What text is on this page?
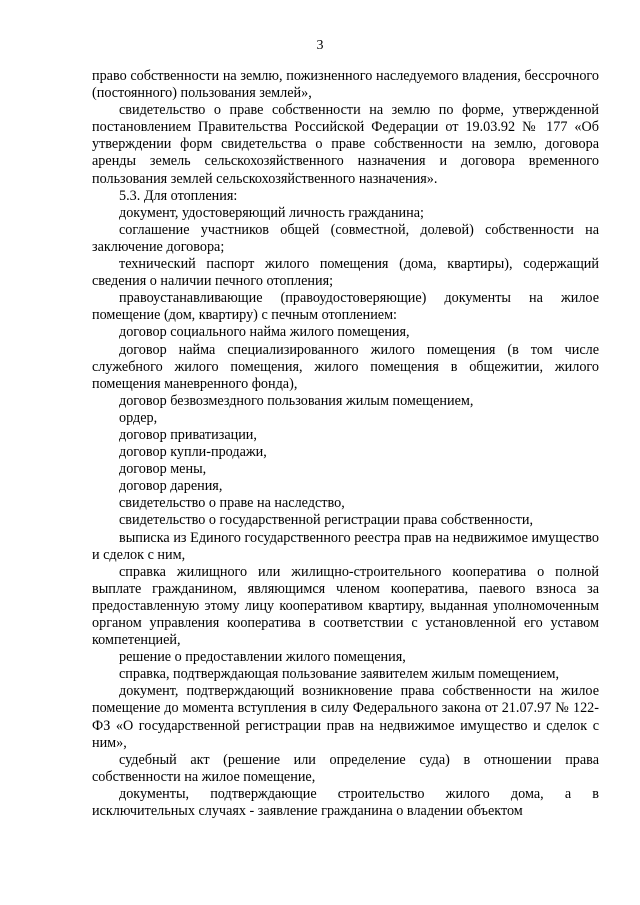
3

право собственности на землю, пожизненного наследуемого владения, бессрочного (постоянного) пользования землей»,

свидетельство о праве собственности на землю по форме, утвержденной постановлением Правительства Российской Федерации от 19.03.92 № 177 «Об утверждении форм свидетельства о праве собственности на землю, договора аренды земель сельскохозяйственного назначения и договора временного пользования землей сельскохозяйственного назначения».

5.3. Для отопления:

документ, удостоверяющий личность гражданина;

соглашение участников общей (совместной, долевой) собственности на заключение договора;

технический паспорт жилого помещения (дома, квартиры), содержащий сведения о наличии печного отопления;

правоустанавливающие (правоудостоверяющие) документы на жилое помещение (дом, квартиру) с печным отоплением:

договор социального найма жилого помещения,

договор найма специализированного жилого помещения (в том числе служебного жилого помещения, жилого помещения в общежитии, жилого помещения маневренного фонда),

договор безвозмездного пользования жилым помещением,

ордер,

договор приватизации,

договор купли-продажи,

договор мены,

договор дарения,

свидетельство о праве на наследство,

свидетельство о государственной регистрации права собственности,

выписка из Единого государственного реестра прав на недвижимое имущество и сделок с ним,

справка жилищного или жилищно-строительного кооператива о полной выплате гражданином, являющимся членом кооператива, паевого взноса за предоставленную этому лицу кооперативом квартиру, выданная уполномоченным органом управления кооператива в соответствии с установленной его уставом компетенцией,

решение о предоставлении жилого помещения,

справка, подтверждающая пользование заявителем жилым помещением,

документ, подтверждающий возникновение права собственности на жилое помещение до момента вступления в силу Федерального закона от 21.07.97 № 122-ФЗ «О государственной регистрации прав на недвижимое имущество и сделок с ним»,

судебный акт (решение или определение суда) в отношении права собственности на жилое помещение,

документы, подтверждающие строительство жилого дома, а в исключительных случаях - заявление гражданина о владении объектом
